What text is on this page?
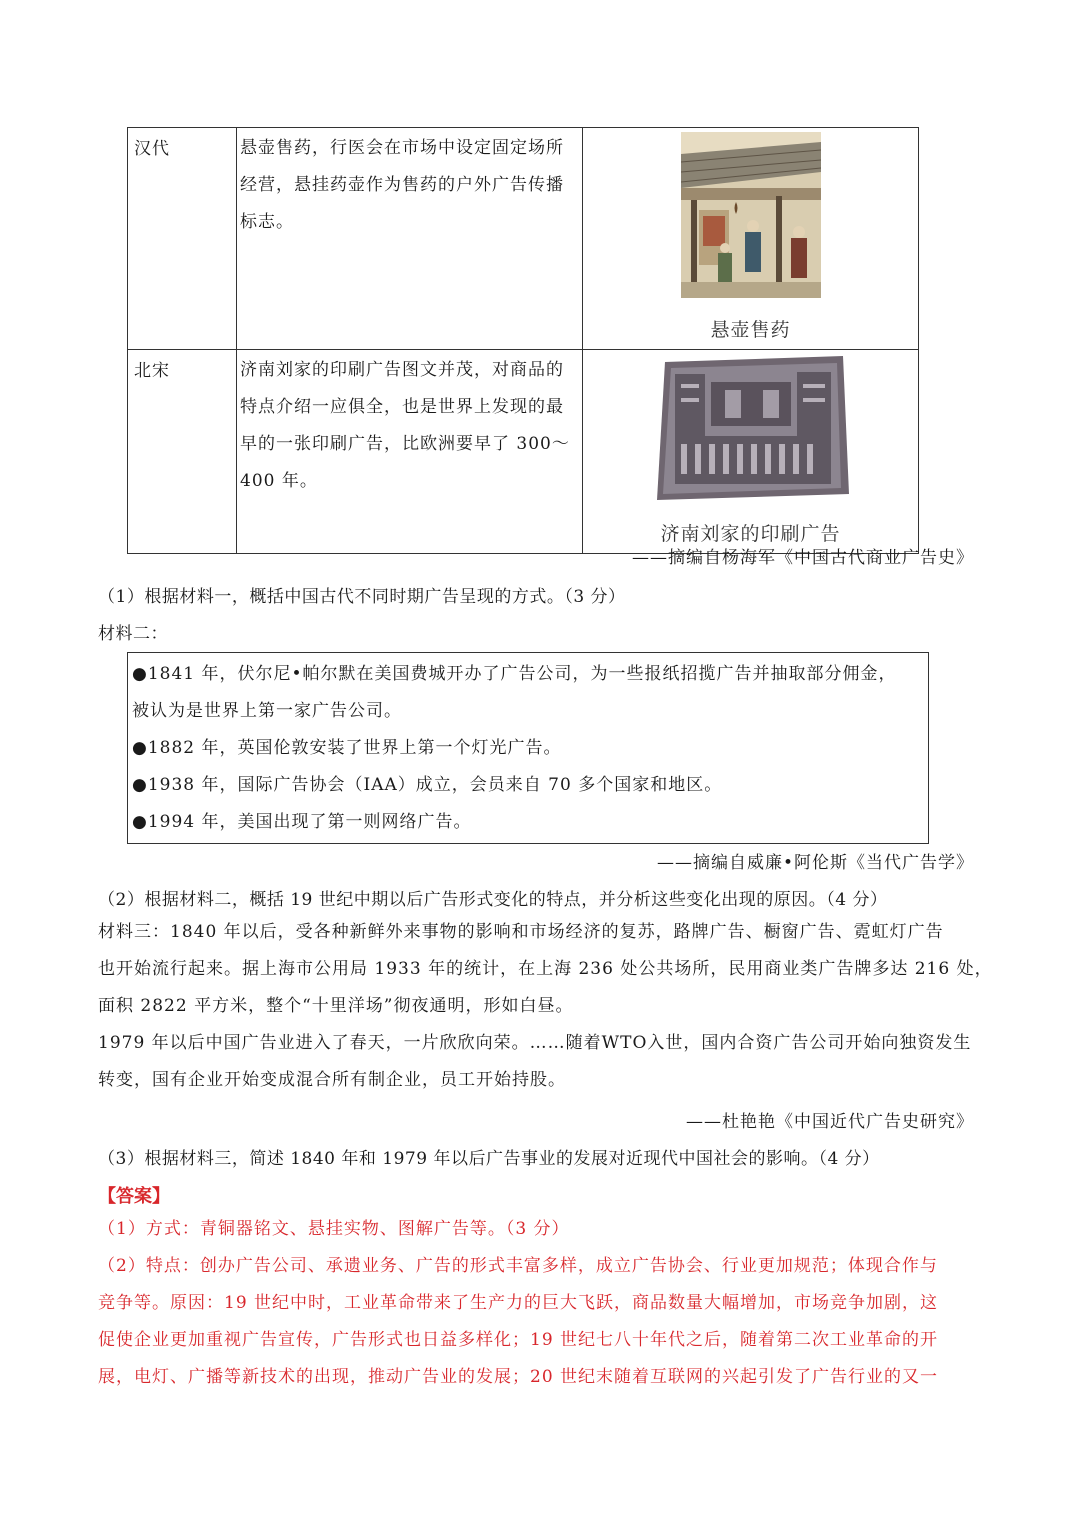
汉代	悬壶售药，行医会在市场中设定固定场所
经营，悬挂药壶作为售药的户外广告传播
标志。	悬壶售药

北宋	济南刘家的印刷广告图文并茂，对商品的
特点介绍一应俱全，也是世界上发现的最
早的一张印刷广告，比欧洲要早了 300～
400 年。	济南刘家的印刷广告
——摘编自杨海军《中国古代商业广告史》
（1）根据材料一，概括中国古代不同时期广告呈现的方式。（3 分）
材料二：
●1841 年，伏尔尼•帕尔默在美国费城开办了广告公司，为一些报纸招揽广告并抽取部分佣金，
被认为是世界上第一家广告公司。
●1882 年，英国伦敦安装了世界上第一个灯光广告。
●1938 年，国际广告协会（IAA）成立，会员来自 70 多个国家和地区。
●1994 年，美国出现了第一则网络广告。
——摘编自威廉•阿伦斯《当代广告学》
（2）根据材料二，概括 19 世纪中期以后广告形式变化的特点，并分析这些变化出现的原因。（4 分）
材料三：1840 年以后，受各种新鲜外来事物的影响和市场经济的复苏，路牌广告、橱窗广告、霓虹灯广告
也开始流行起来。据上海市公用局 1933 年的统计，在上海 236 处公共场所，民用商业类广告牌多达 216 处，
面积 2822 平方米，整个“十里洋场”彻夜通明，形如白昼。
1979 年以后中国广告业进入了春天，一片欣欣向荣。……随着WTO入世，国内合资广告公司开始向独资发生
转变，国有企业开始变成混合所有制企业，员工开始持股。
——杜艳艳《中国近代广告史研究》
（3）根据材料三，简述 1840 年和 1979 年以后广告事业的发展对近现代中国社会的影响。（4 分）
【答案】
（1）方式：青铜器铭文、悬挂实物、图解广告等。（3 分）
（2）特点：创办广告公司、承遗业务、广告的形式丰富多样，成立广告协会、行业更加规范；体现合作与
竞争等。原因：19 世纪中时，工业革命带来了生产力的巨大飞跃，商品数量大幅增加，市场竞争加剧，这
促使企业更加重视广告宣传，广告形式也日益多样化；19 世纪七八十年代之后，随着第二次工业革命的开
展，电灯、广播等新技术的出现，推动广告业的发展；20 世纪末随着互联网的兴起引发了广告行业的又一
